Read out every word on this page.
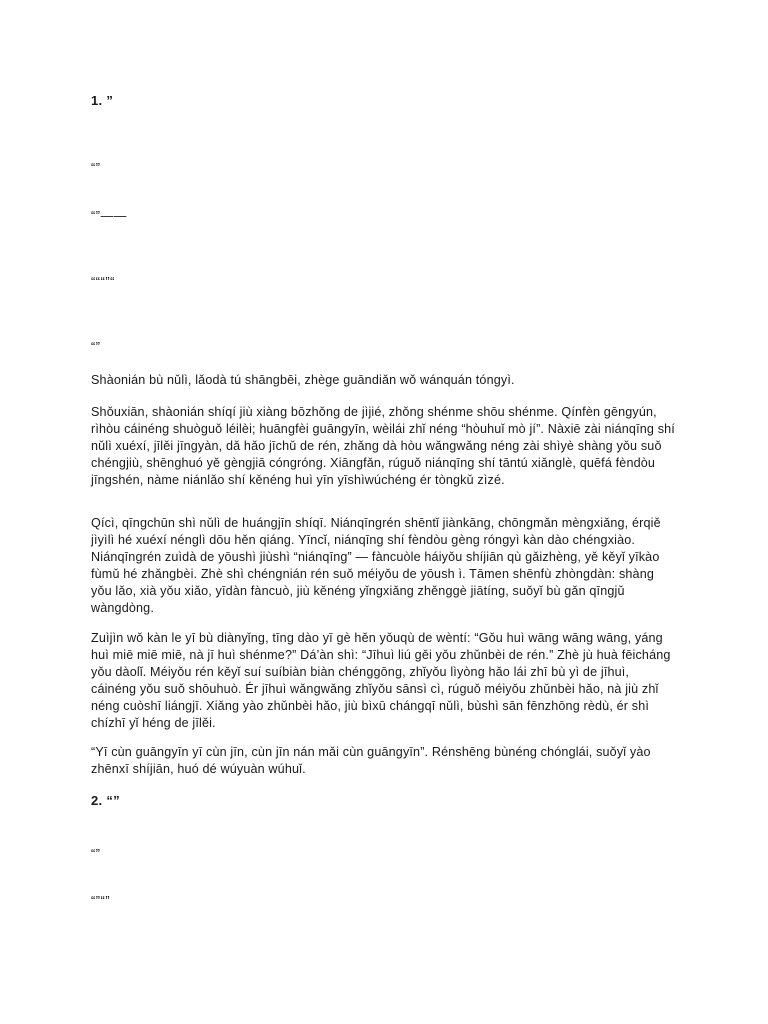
1. ”

“”

“”——

“““”“

“”

Shàonián bù nǔlì, lǎodà tú shāngbēi, zhège guāndiǎn wǒ wánquán tóngyì.

Shǒuxiān, shàonián shíqí jiù xiàng bōzhǒng de jìjié, zhǒng shénme shōu shénme. Qínfèn gēngyún, rìhòu cáinéng shuòguǒ léilèi; huāngfèi guāngyīn, wèilái zhǐ néng “hòuhuǐ mò jí”. Nàxiē zài niánqīng shí nǔlì xuéxí, jīlěi jīngyàn, dǎ hǎo jīchǔ de rén, zhǎng dà hòu wǎngwǎng néng zài shìyè shàng yǒu suǒ chéngjiù, shēnghuó yě gèngjiā cóngróng. Xiāngfǎn, rúguǒ niánqīng shí tāntú xiǎnglè, quēfá fèndòu jīngshén, nàme niánlǎo shí kěnéng huì yīn yīshìwúchéng ér tòngkǔ zìzé.

Qícì, qīngchūn shì nǔlì de huángjīn shíqī. Niánqīngrén shēntǐ jiànkāng, chōngmǎn mèngxiǎng, érqiě jìyìlì hé xuéxí nénglì dōu hěn qiáng. Yīncǐ, niánqīng shí fèndòu gèng róngyì kàn dào chéngxiào. Niánqīngrén zuìdà de yōushì jiùshì “niánqīng” — fàncuòle háiyǒu shíjiān qù gǎizhèng, yě kěyǐ yīkào fùmǔ hé zhǎngbèi. Zhè shì chéngnián rén suǒ méiyǒu de yōush ì. Tāmen shēnfù zhòngdàn: shàng yǒu lǎo, xià yǒu xiǎo, yīdàn fàncuò, jiù kěnéng yǐngxiǎng zhěnggè jiātíng, suǒyǐ bù gǎn qīngjǔ wàngdòng.

Zuìjìn wǒ kàn le yī bù diànyǐng, tīng dào yī gè hěn yǒuqù de wèntí: “Gǒu huì wāng wāng wāng, yáng huì miē miē miē, nà jī huì shénme?” Dá’àn shì: “Jīhuì liú gěi yǒu zhǔnbèi de rén.” Zhè jù huà fēicháng yǒu dàolǐ. Méiyǒu rén kěyǐ suí suíbiàn biàn chénggōng, zhǐyǒu lìyòng hǎo lái zhī bù yì de jīhuì, cáinéng yǒu suǒ shōuhuò. Ér jīhuì wǎngwǎng zhǐyǒu sānsì cì, rúguǒ méiyǒu zhǔnbèi hǎo, nà jiù zhǐ néng cuòshī liángjī. Xiǎng yào zhǔnbèi hǎo, jiù bìxū chángqī nǔlì, bùshì sān fēnzhōng rèdù, ér shì chízhī yǐ héng de jīlěi.

“Yī cùn guāngyīn yī cùn jīn, cùn jīn nán mǎi cùn guāngyīn”. Rénshēng bùnéng chónglái, suǒyǐ yào zhēnxī shíjiān, huó dé wúyuàn wúhuǐ.

2. “”

“”

“”“”
